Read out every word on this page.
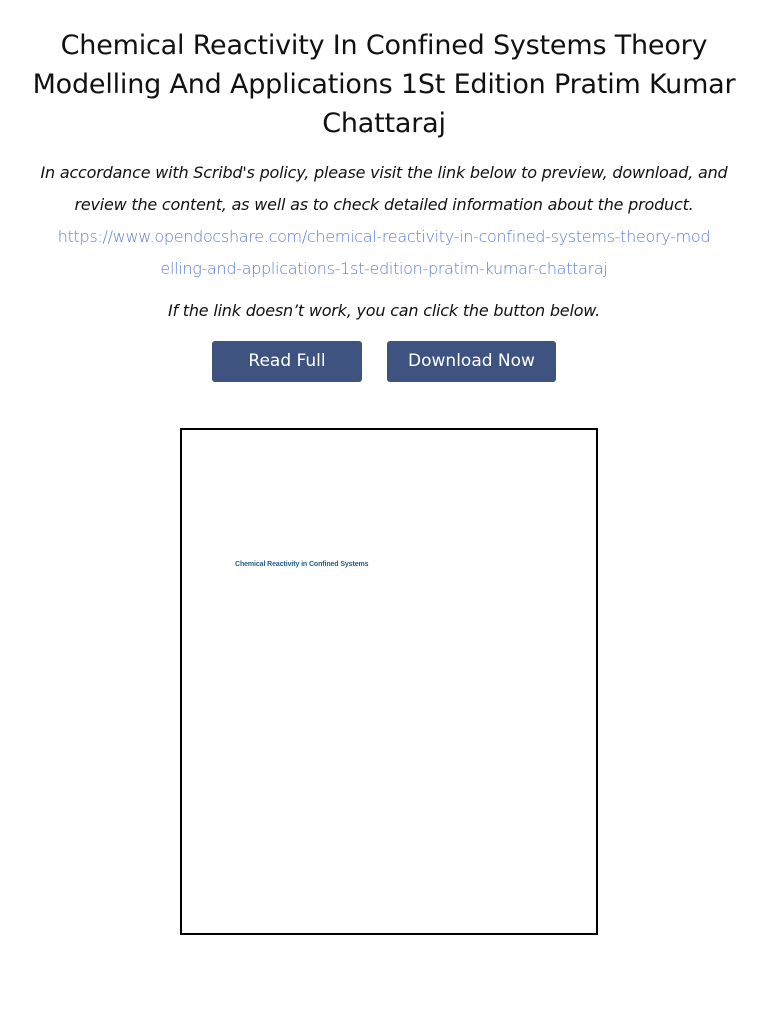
Chemical Reactivity In Confined Systems Theory Modelling And Applications 1St Edition Pratim Kumar Chattaraj
In accordance with Scribd's policy, please visit the link below to preview, download, and review the content, as well as to check detailed information about the product.
https://www.opendocshare.com/chemical-reactivity-in-confined-systems-theory-modelling-and-applications-1st-edition-pratim-kumar-chattaraj

If the link doesn’t work, you can click the button below.

Read Full	Download Now
Chemical Reactivity in Confined Systems
